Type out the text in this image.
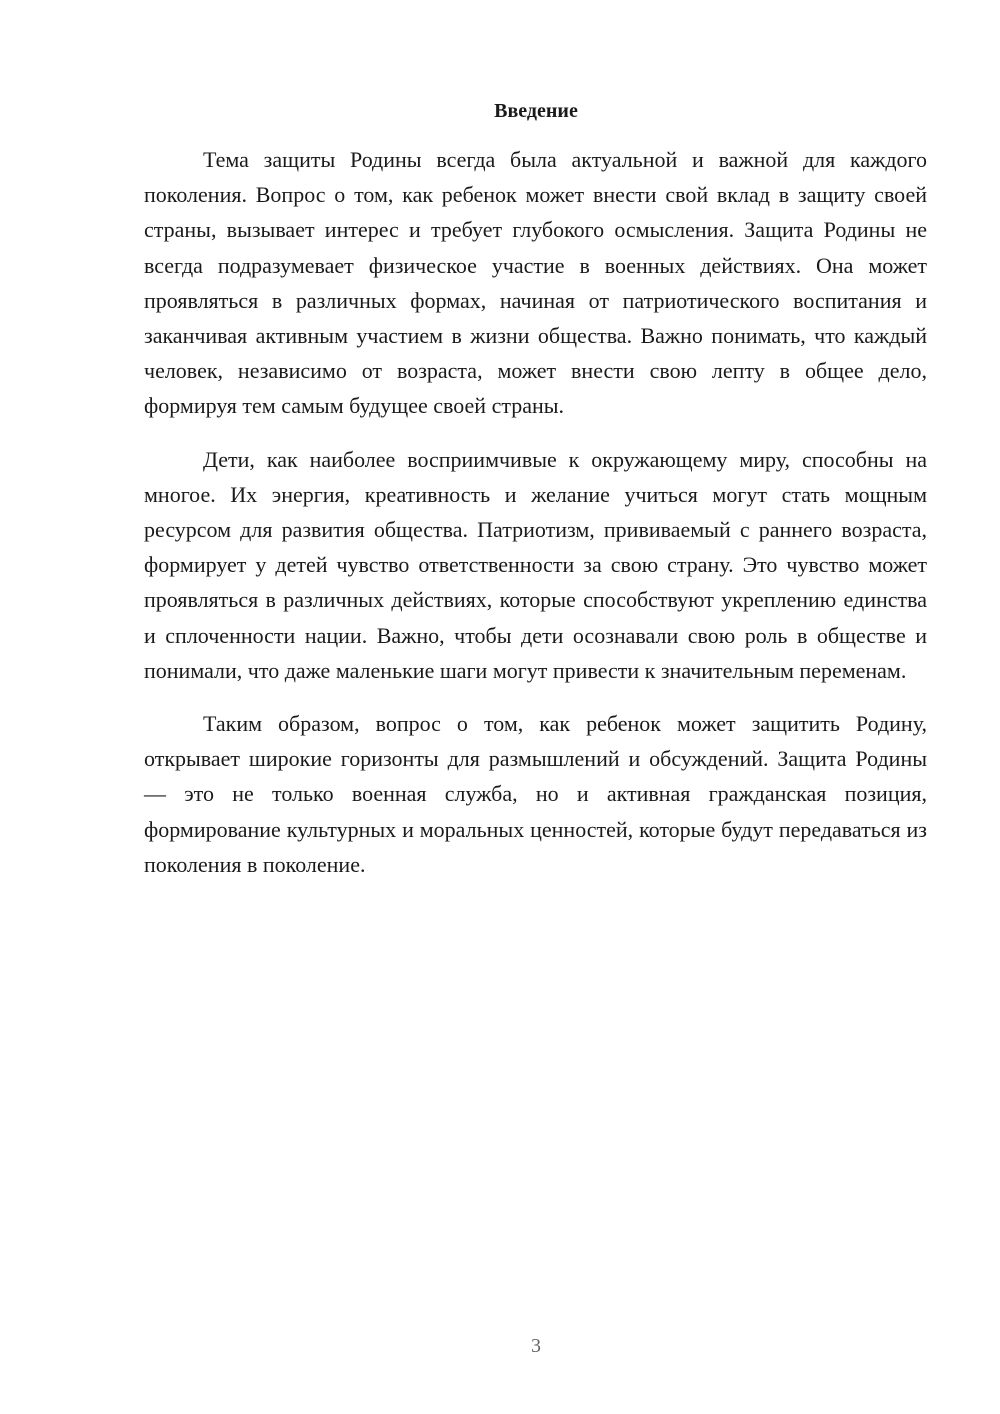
Введение

Тема защиты Родины всегда была актуальной и важной для каждого поколения. Вопрос о том, как ребенок может внести свой вклад в защиту своей страны, вызывает интерес и требует глубокого осмысления. Защита Родины не всегда подразумевает физическое участие в военных действиях. Она может проявляться в различных формах, начиная от патриотического воспитания и заканчивая активным участием в жизни общества. Важно понимать, что каждый человек, независимо от возраста, может внести свою лепту в общее дело, формируя тем самым будущее своей страны.

Дети, как наиболее восприимчивые к окружающему миру, способны на многое. Их энергия, креативность и желание учиться могут стать мощным ресурсом для развития общества. Патриотизм, прививаемый с раннего возраста, формирует у детей чувство ответственности за свою страну. Это чувство может проявляться в различных действиях, которые способствуют укреплению единства и сплоченности нации. Важно, чтобы дети осознавали свою роль в обществе и понимали, что даже маленькие шаги могут привести к значительным переменам.

Таким образом, вопрос о том, как ребенок может защитить Родину, открывает широкие горизонты для размышлений и обсуждений. Защита Родины — это не только военная служба, но и активная гражданская позиция, формирование культурных и моральных ценностей, которые будут передаваться из поколения в поколение.

3
